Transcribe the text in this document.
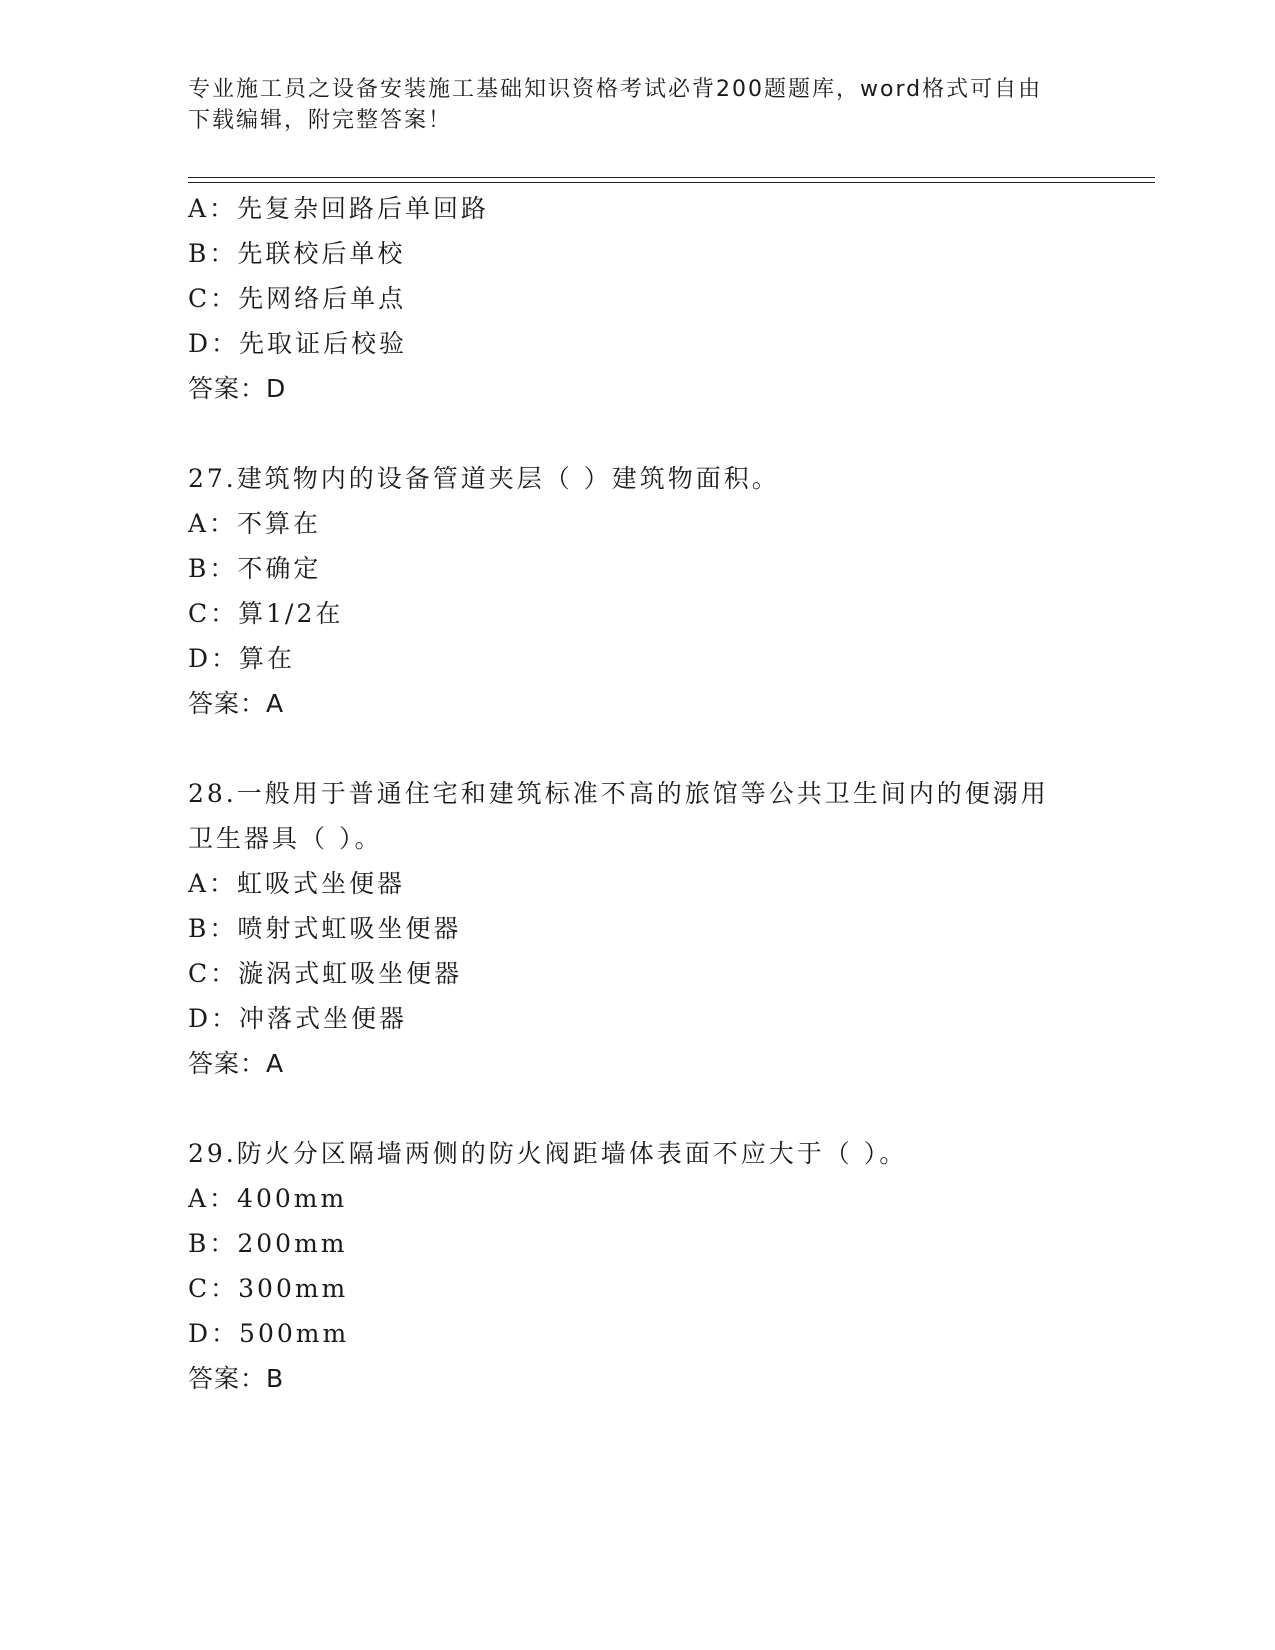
专业施工员之设备安装施工基础知识资格考试必背200题题库，word格式可自由
下载编辑，附完整答案！
A：先复杂回路后单回路
B：先联校后单校
C：先网络后单点
D：先取证后校验
答案：D
27.建筑物内的设备管道夹层（ ）建筑物面积。
A：不算在
B：不确定
C：算1/2在
D：算在
答案：A
28.一般用于普通住宅和建筑标准不高的旅馆等公共卫生间内的便溺用
卫生器具（ ）。
A：虹吸式坐便器
B：喷射式虹吸坐便器
C：漩涡式虹吸坐便器
D：冲落式坐便器
答案：A
29.防火分区隔墙两侧的防火阀距墙体表面不应大于（ ）。
A：400mm
B：200mm
C：300mm
D：500mm
答案：B
